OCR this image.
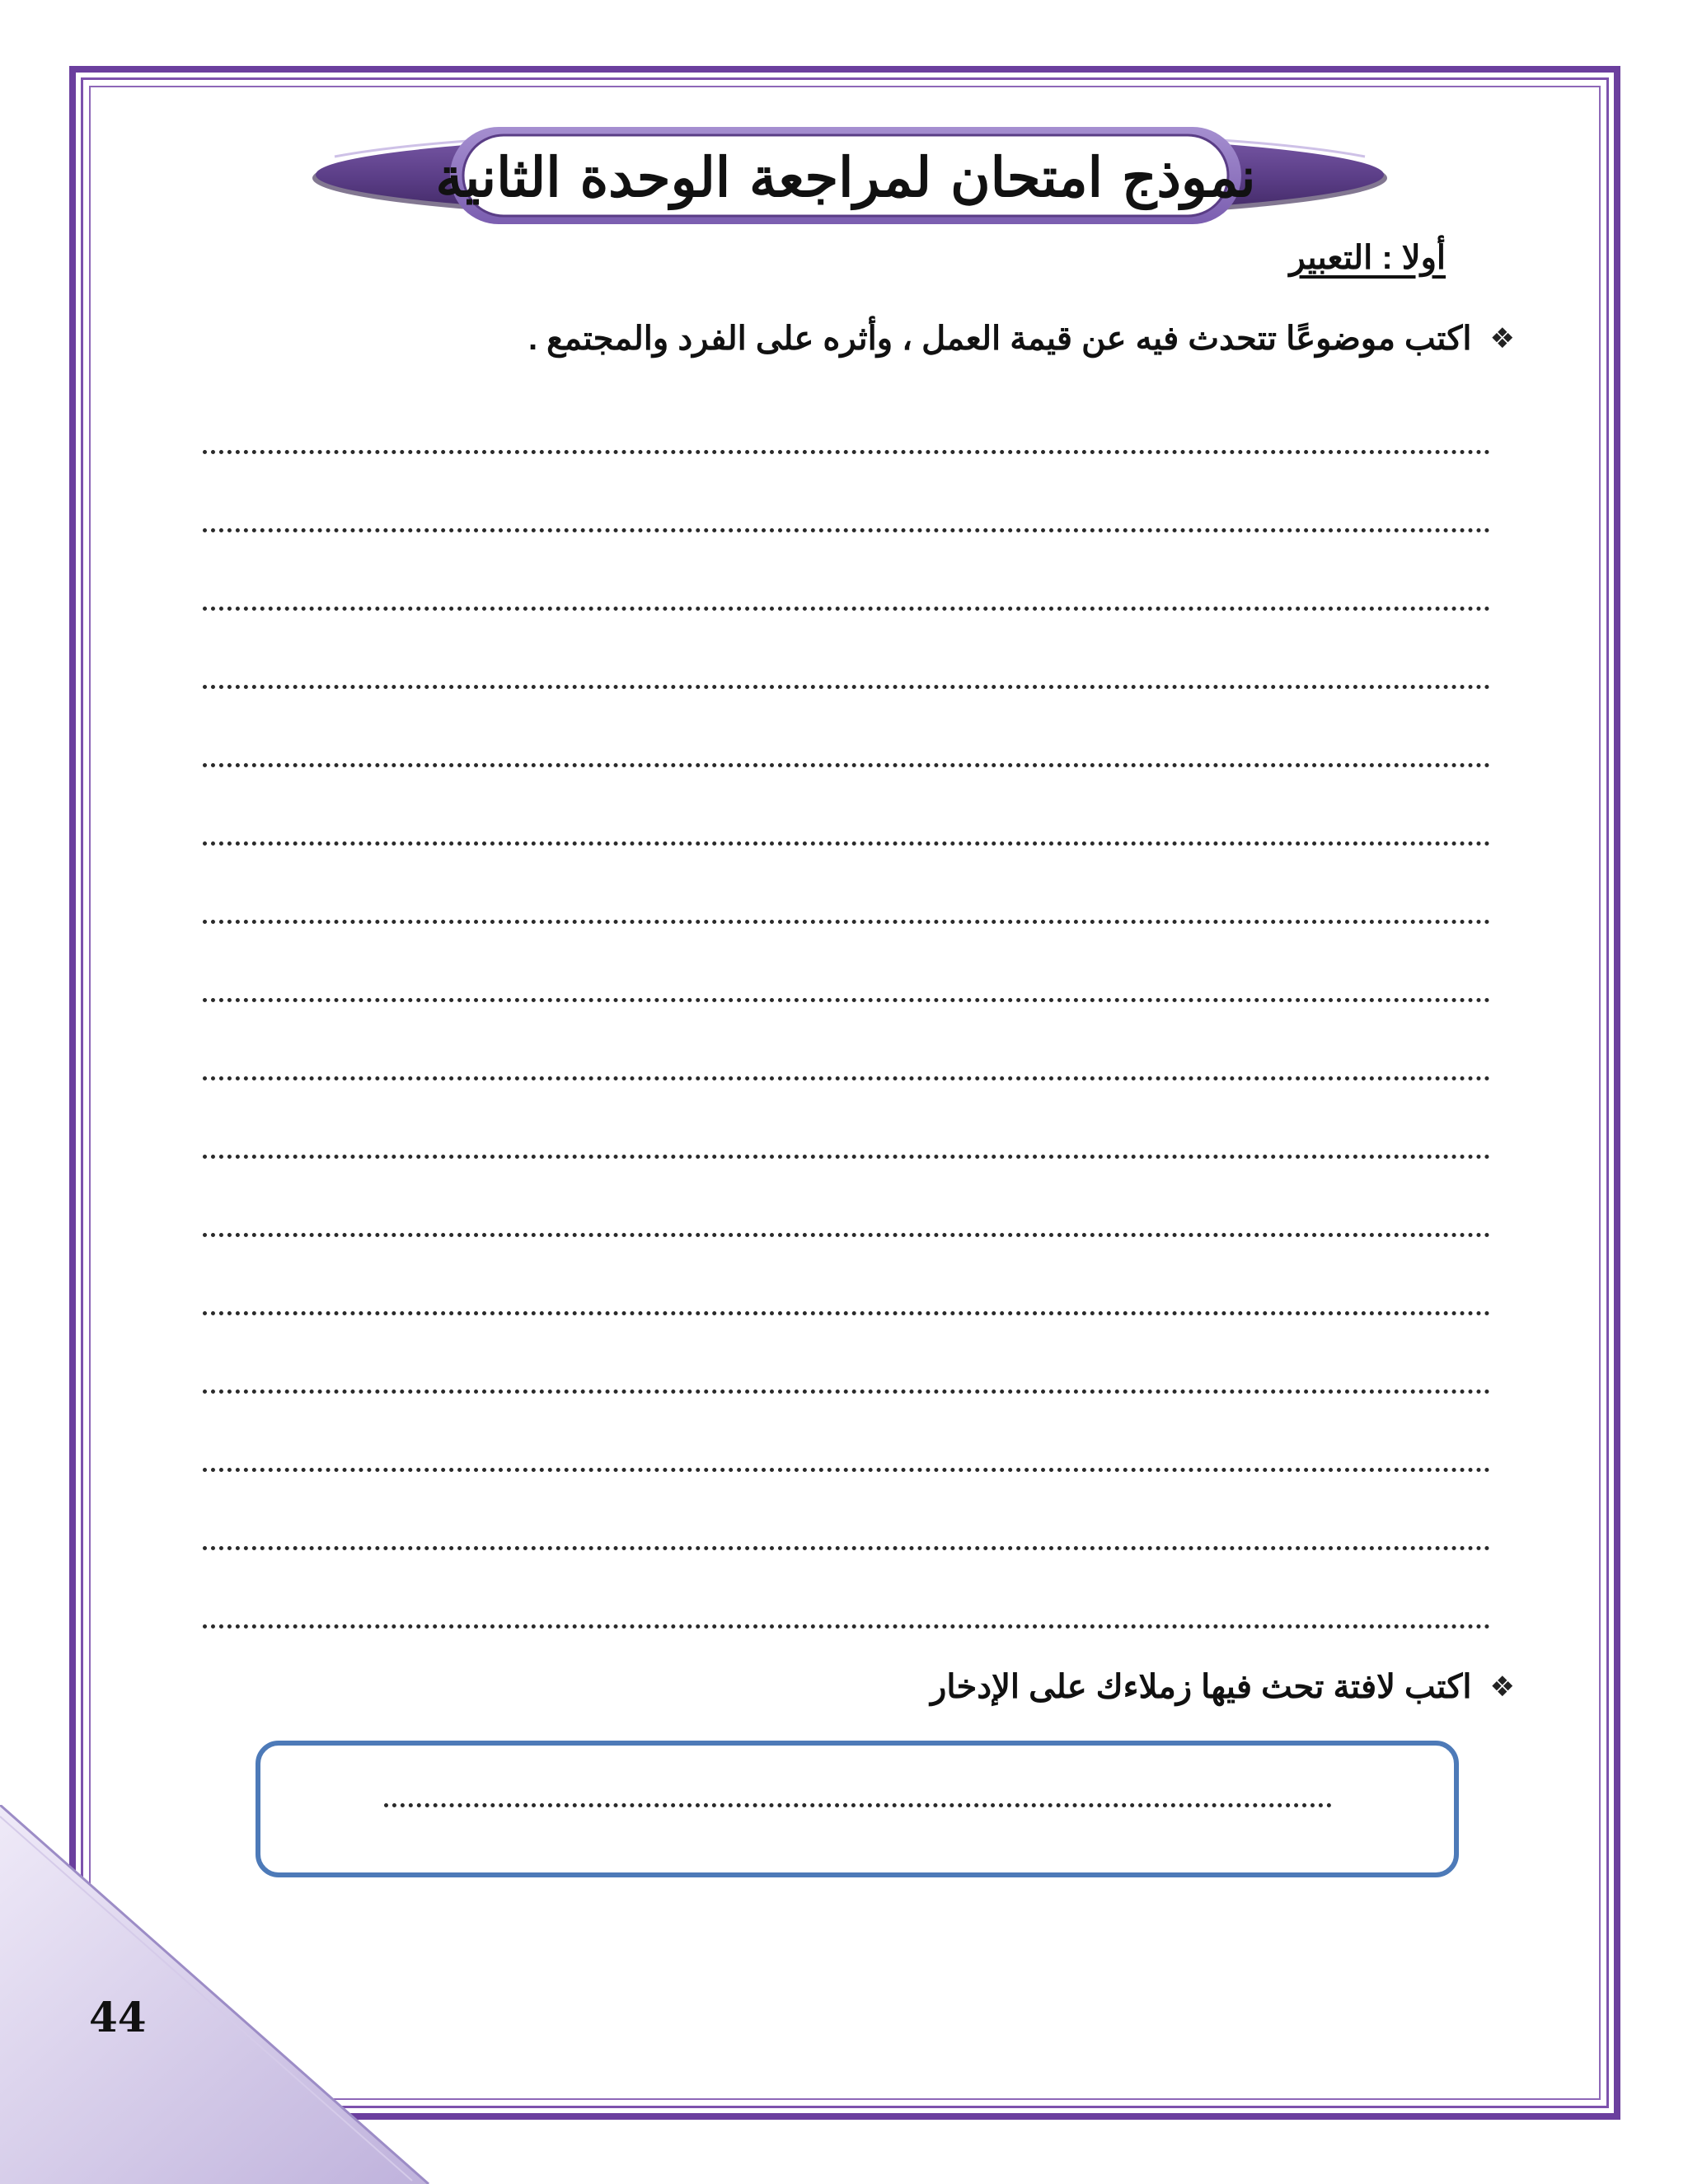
نموذج امتحان لمراجعة الوحدة الثانية
أولا : التعبير
❖
اكتب موضوعًا تتحدث فيه عن قيمة العمل ، وأثره على الفرد والمجتمع .
❖
اكتب لافتة تحث فيها زملاءك على الإدخار
44
